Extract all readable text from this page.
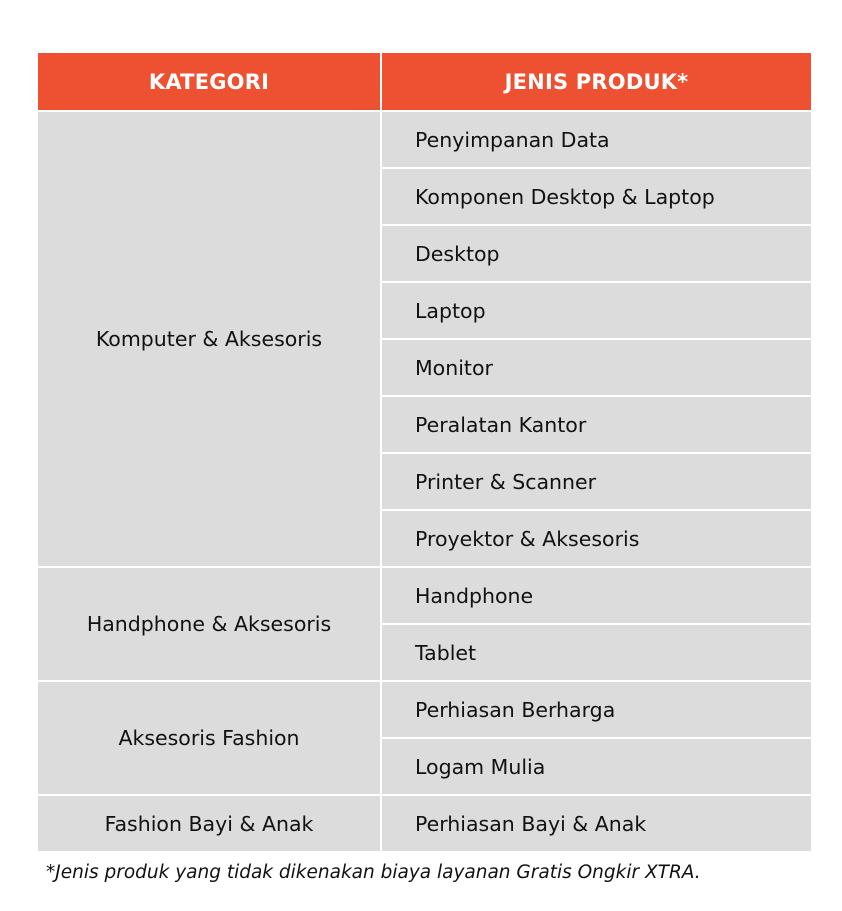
KATEGORI	JENIS PRODUK*
Komputer & Aksesoris
Penyimpanan Data
Komponen Desktop & Laptop
Desktop
Laptop
Monitor
Peralatan Kantor
Printer & Scanner
Proyektor & Aksesoris
Handphone & Aksesoris
Handphone
Tablet
Aksesoris Fashion
Perhiasan Berharga
Logam Mulia
Fashion Bayi & Anak	Perhiasan Bayi & Anak
*Jenis produk yang tidak dikenakan biaya layanan Gratis Ongkir XTRA.
